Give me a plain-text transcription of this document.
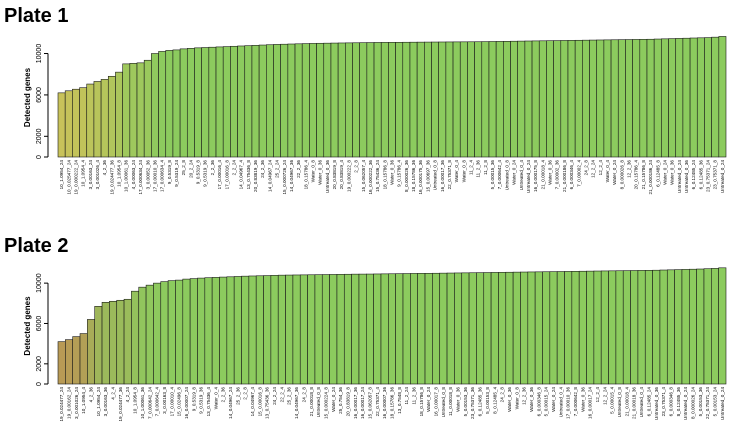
Plate 1
Plate 2
0
2000
6000
10000
Detected genes
10_1.0954_24 10_0.025477_24 19_0.000222_24 10_1.0954_4 3_0.00163_24 3_0.001026_4 4_2_36 19_0.024477_36 10_1.0954_8 10_1.00061_36 4_0.00063_24 17_0.000634_24 3_0.00052_36 17_0.00010_36 17_0.000634_4 9_0.5319_8 9_0.5319_24 25_2_8 20_2_24 9_0.5319_8 9_0.5319_36 2_2_36 17_0.00016_4 17_0.00016_8 2_2_24 14_0.04967_4 13_0.75436_8 20_0.83819_36 24_2_36 14_0.04967_24 25_2_24 15_0.000726_24 14_0.04967_36 22_2_36 18_0.15786_4 Water_0_8 Water_0_36 Untreated_0_36 20_0.83819_8 20_0.83819_4 19_0.000222_8 2_2_8 15_0.062057_4 16_0.000222_36 15_0.75436_24 18_0.15786_8 Water_0_36 9_0.15786_4 8_0.000026_36 18_0.15786_36 16_0.000175_36 15_0.00697_36 Untreated_0_8 16_0.00017_36 22_0.75371_8 Water_0_4 Water_0_8 11_2_4 11_2_36 11_2_8 5_0.00015_36 7_0.000642_4 Untreated_0_8 Water_0_24 Untreated_0_4 Untreated_0_24 16_0.000175_8 21_0.00018_4 Water_0_36 7_0.00002_36 21_0.000186_8 6_0.000346_4 7_0.00002_4 24_2_8 12_2_24 12_2_4 Water_0_4 Water_0_24 8_0.000026_8 12_2_36 20_0.15786_4 21_0.15786_8 21_0.000186_24 6_0.12485_8 Water_0_24 Water_0_36 Untreated_0_24 Untreated_0_36 6_0.12485_24 6_0.12485_36 23_0.75371_24 23_0.75371_8 Untreated_0_24
0
2000
6000
10000
Detected genes
19_0.024477_24 19_0.00162_24 3_0.001026_24 10_1.0954_4 4_2_36 10_1.0954_24 3_0.00163_36 4_2_4 19_0.024477_36 4_2_24 10_1.0954_8 10_1.00061_36 7_0.000642_24 7_0.000642_4 3_0.00163_8 17_0.00010_4 15_0.02496_8 16_0.00007_24 9_0.5319_8 9_0.5319_36 13_0.75436_4 Water_0_4 2_2_36 14_0.04967_24 25_2_36 2_2_8 14_0.04967_4 15_0.00016_8 13_0.75436_36 24_2_24 22_2_4 25_2_36 14_0.04967_36 24_2_8 21_0.00018_8 Untreated_0_8 15_0.000224_8 Water_0_24 25_0.754_36 20_0.83819_8 16_0.00017_36 16_0.00017_24 15_0.062057_8 22_0.75371_4 16_0.00007_36 18_0.15786_36 13_0.7548_8 11_2_24 11_2_36 18_0.15786_8 Water_0_24 16_0.00017_8 Untreated_0_8 11_0.00018_8 Water_0_36 5_0.00153_36 23_0.75371_36 6_0.12485_36 5_0.00153_8 8_0.12485_4 24_2_8 Water_0_36 Water_0_8 12_2_36 Water_0_36 6_0.000346_8 5_0.00015_24 Water_0_24 Untreated_0_4 17_0.00010_36 7_0.000642_8 Water_0_36 16_0.00017_24 12_2_4 12_2_24 5_0.00015_4 Untreated_0_8 21_0.00018_4 21_0.00018_36 Untreated_0_4 6_0.12485_24 Untreated_0_36 23_0.75371_4 6_0.000346_8 8_0.12485_36 Untreated_0_24 8_0.000026_24 5_0.00153_36 22_0.75371_24 5_0.00153_24 Untreated_0_24
